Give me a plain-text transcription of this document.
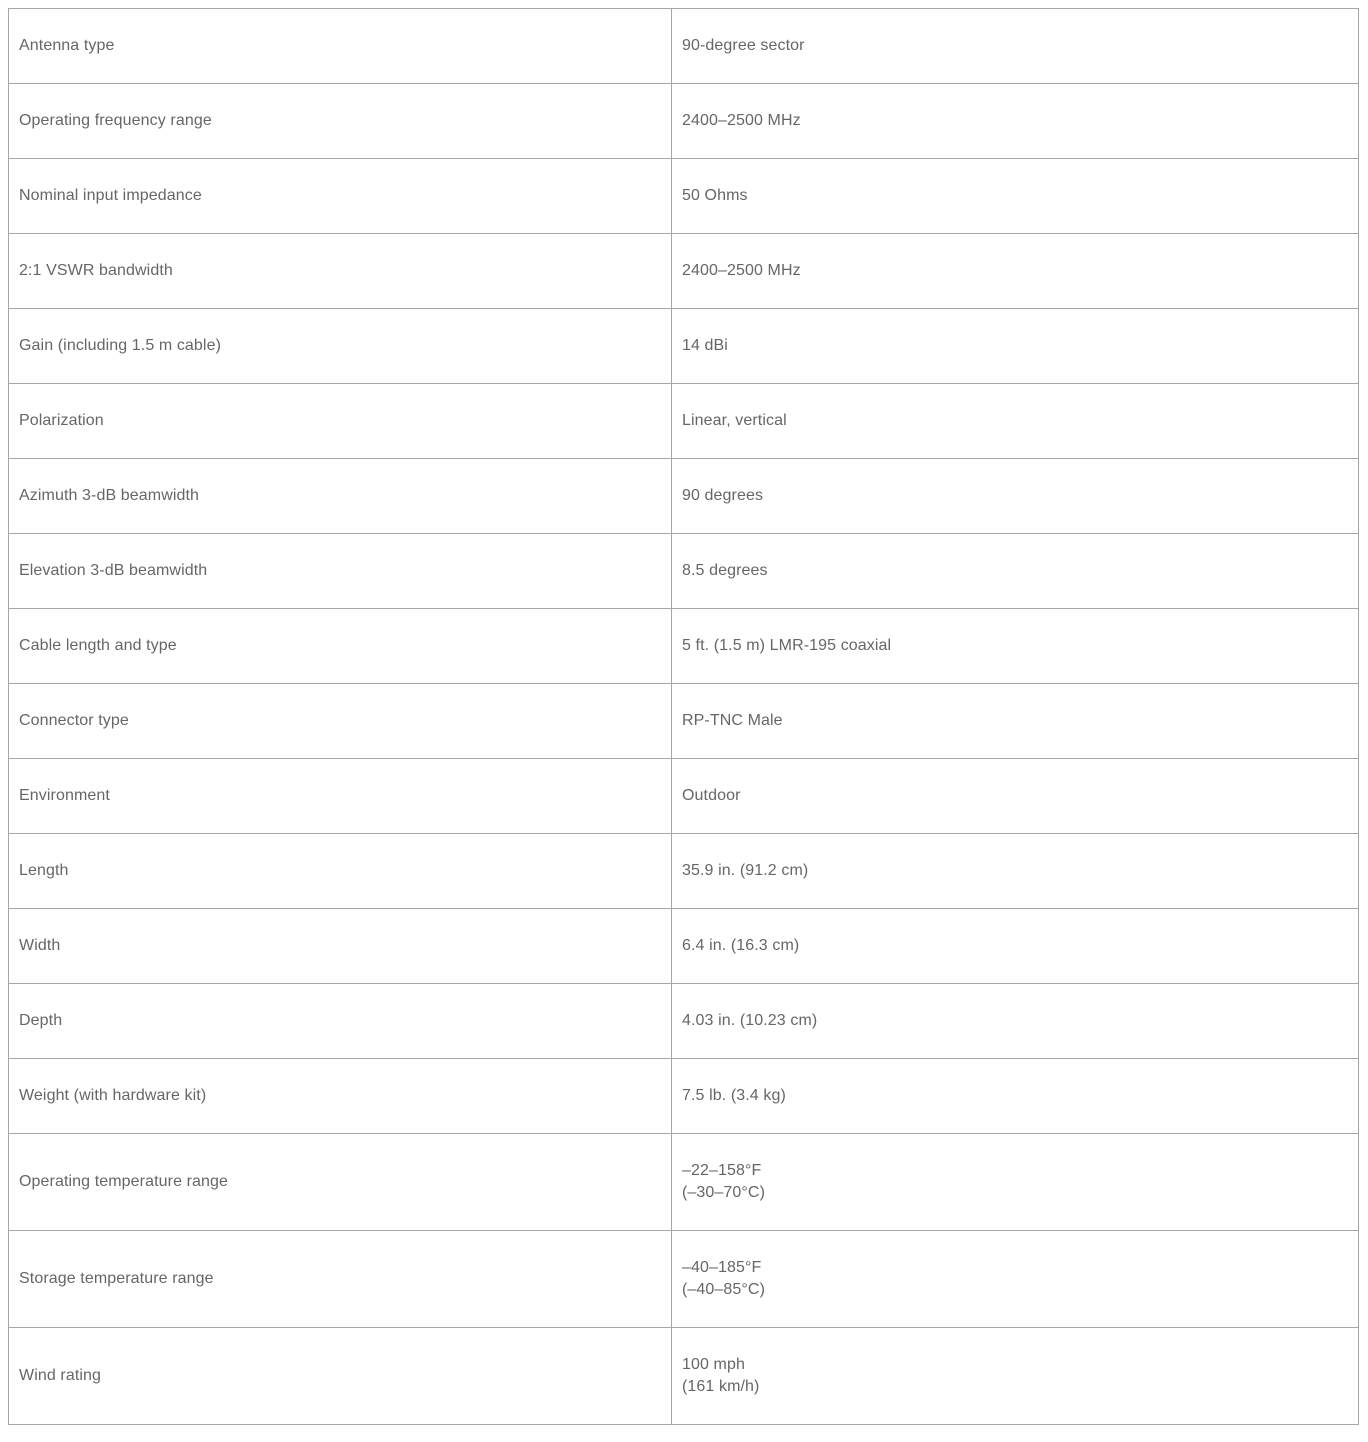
Antenna type	90-degree sector

Operating frequency range	2400–2500 MHz

Nominal input impedance	50 Ohms

2:1 VSWR bandwidth	2400–2500 MHz

Gain (including 1.5 m cable)	14 dBi

Polarization	Linear, vertical

Azimuth 3-dB beamwidth	90 degrees

Elevation 3-dB beamwidth	8.5 degrees

Cable length and type	5 ft. (1.5 m) LMR-195 coaxial

Connector type	RP-TNC Male

Environment	Outdoor

Length	35.9 in. (91.2 cm)

Width	6.4 in. (16.3 cm)

Depth	4.03 in. (10.23 cm)

Weight (with hardware kit)	7.5 lb. (3.4 kg)

Operating temperature range	–22–158°F
(–30–70°C)

Storage temperature range	–40–185°F
(–40–85°C)

Wind rating	100 mph
(161 km/h)
